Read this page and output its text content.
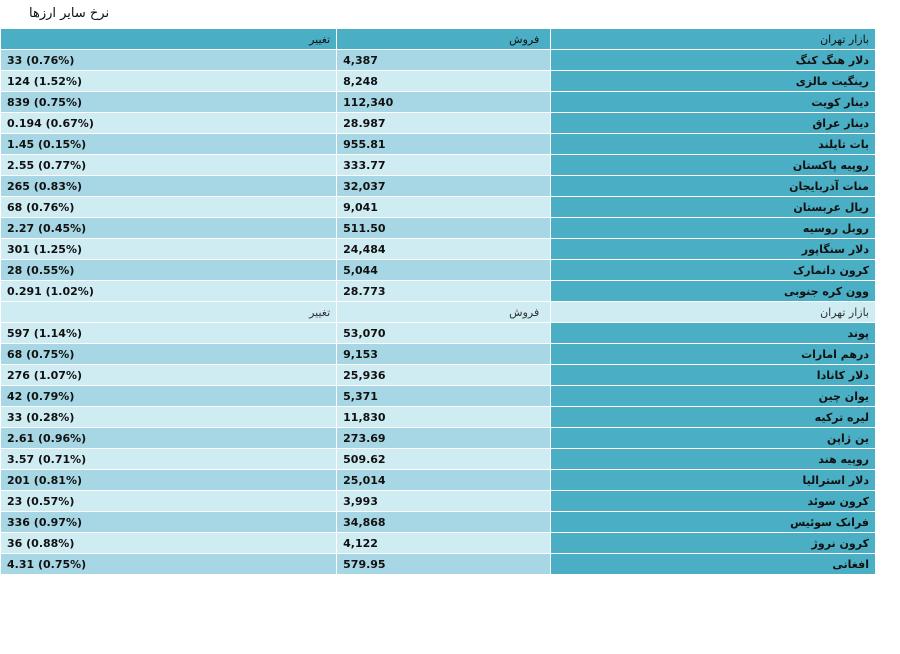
نرخ سایر ارزها
تغییر	فروش	بازار تهران
33 (0.76%)	4,387	دلار هنگ کنگ
124 (1.52%)	8,248	رینگیت مالزی
839 (0.75%)	112,340	دینار کویت
0.194 (0.67%)	28.987	دینار عراق
1.45 (0.15%)	955.81	بات تایلند
2.55 (0.77%)	333.77	روپیه پاکستان
265 (0.83%)	32,037	منات آذربایجان
68 (0.76%)	9,041	ریال عربستان
2.27 (0.45%)	511.50	روبل روسیه
301 (1.25%)	24,484	دلار سنگاپور
28 (0.55%)	5,044	کرون دانمارک
0.291 (1.02%)	28.773	وون کره جنوبی

تغییر	فروش	بازار تهران
597 (1.14%)	53,070	پوند
68 (0.75%)	9,153	درهم امارات
276 (1.07%)	25,936	دلار کانادا
42 (0.79%)	5,371	یوان چین
33 (0.28%)	11,830	لیره ترکیه
2.61 (0.96%)	273.69	ین ژاپن
3.57 (0.71%)	509.62	روپیه هند
201 (0.81%)	25,014	دلار استرالیا
23 (0.57%)	3,993	کرون سوئد
336 (0.97%)	34,868	فرانک سوئیس
36 (0.88%)	4,122	کرون نروژ
4.31 (0.75%)	579.95	افغانی
